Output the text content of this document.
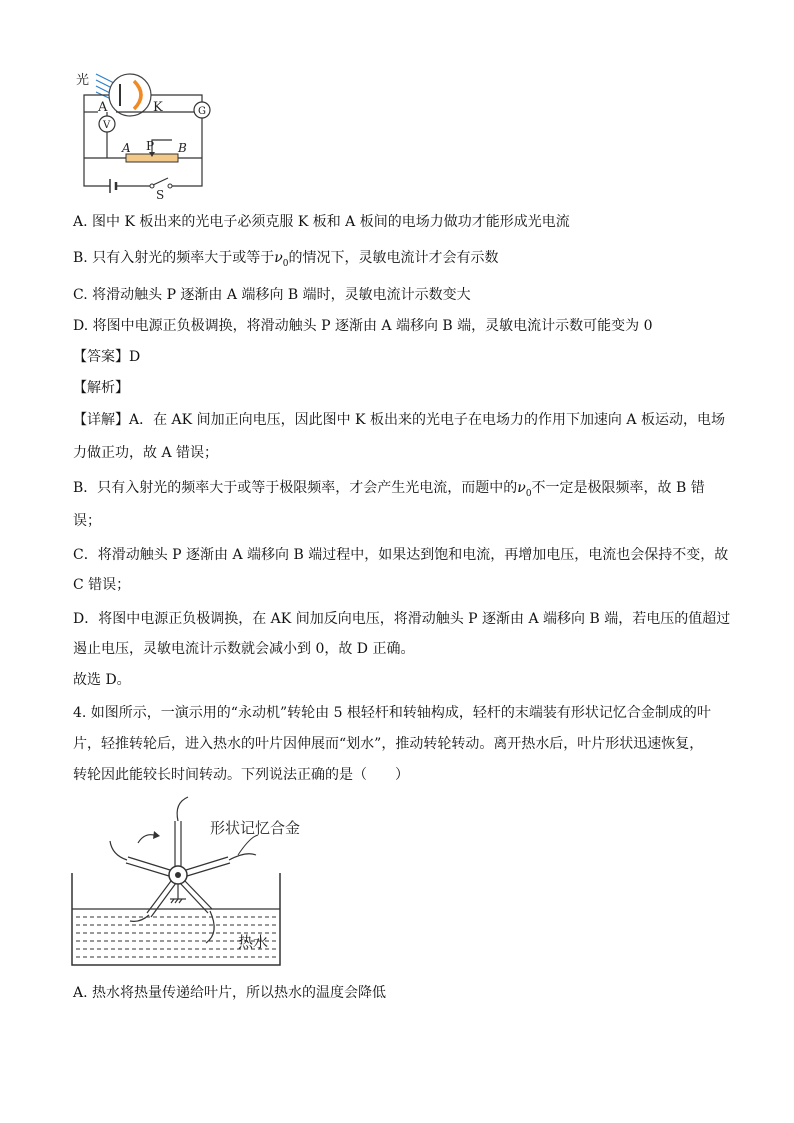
光
A	K	G
V
A P B
S
A. 图中 K 板出来的光电子必须克服 K 板和 A 板间的电场力做功才能形成光电流
B. 只有入射光的频率大于或等于$\nu_0$的情况下，灵敏电流计才会有示数
C. 将滑动触头 P 逐渐由 A 端移向 B 端时，灵敏电流计示数变大
D. 将图中电源正负极调换，将滑动触头 P 逐渐由 A 端移向 B 端，灵敏电流计示数可能变为 0
【答案】D
【解析】
【详解】A．在 AK 间加正向电压，因此图中 K 板出来的光电子在电场力的作用下加速向 A 板运动，电场
力做正功，故 A 错误；
B．只有入射光的频率大于或等于极限频率，才会产生光电流，而题中的$\nu_0$不一定是极限频率，故 B 错
误；
C．将滑动触头 P 逐渐由 A 端移向 B 端过程中，如果达到饱和电流，再增加电压，电流也会保持不变，故
C 错误；
D．将图中电源正负极调换，在 AK 间加反向电压，将滑动触头 P 逐渐由 A 端移向 B 端，若电压的值超过
遏止电压，灵敏电流计示数就会减小到 0，故 D 正确。
故选 D。
4. 如图所示，一演示用的“永动机”转轮由 5 根轻杆和转轴构成，轻杆的末端装有形状记忆合金制成的叶
片，轻推转轮后，进入热水的叶片因伸展而“划水”，推动转轮转动。离开热水后，叶片形状迅速恢复，
转轮因此能较长时间转动。下列说法正确的是（　　）
形状记忆合金
热水
A. 热水将热量传递给叶片，所以热水的温度会降低
